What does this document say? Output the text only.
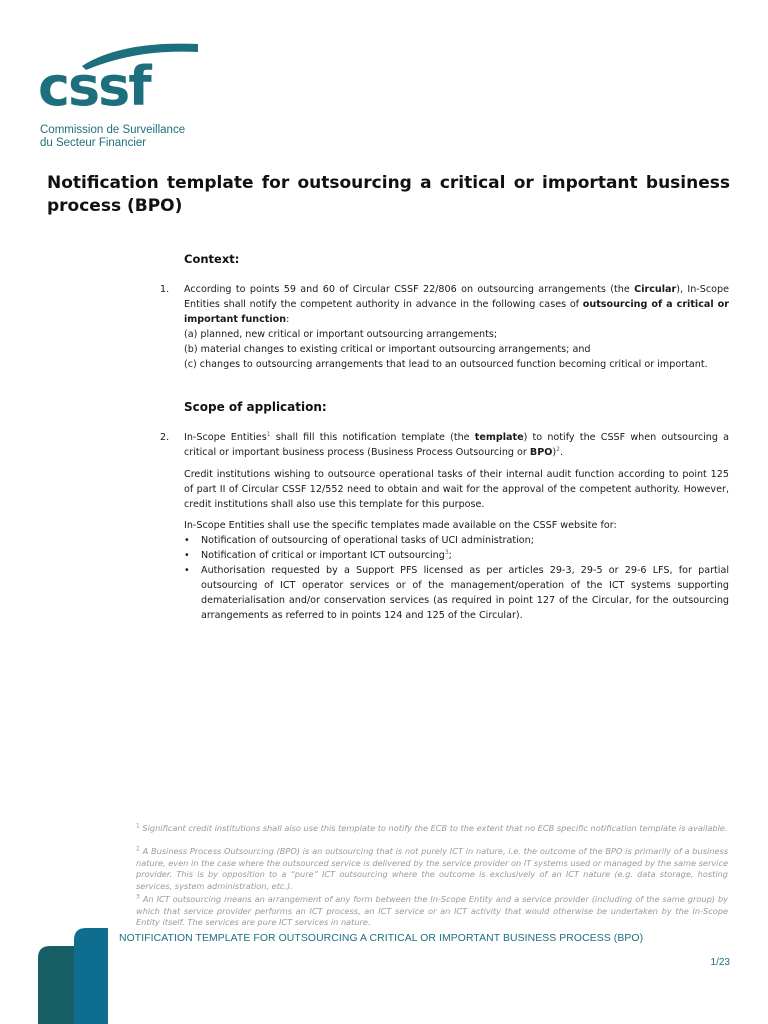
cssf
Commission de Surveillance
du Secteur Financier
Notification template for outsourcing a critical or important business process (BPO)
Context:
1. According to points 59 and 60 of Circular CSSF 22/806 on outsourcing arrangements (the Circular), In-Scope Entities shall notify the competent authority in advance in the following cases of outsourcing of a critical or important function:
(a) planned, new critical or important outsourcing arrangements;
(b) material changes to existing critical or important outsourcing arrangements; and
(c) changes to outsourcing arrangements that lead to an outsourced function becoming critical or important.
Scope of application:
2. In-Scope Entities$^1$ shall fill this notification template (the template) to notify the CSSF when outsourcing a critical or important business process (Business Process Outsourcing or BPO)$^2$.
Credit institutions wishing to outsource operational tasks of their internal audit function according to point 125 of part II of Circular CSSF 12/552 need to obtain and wait for the approval of the competent authority. However, credit institutions shall also use this template for this purpose.
In-Scope Entities shall use the specific templates made available on the CSSF website for:
•	Notification of outsourcing of operational tasks of UCI administration;
•	Notification of critical or important ICT outsourcing$^3$;
•	Authorisation requested by a Support PFS licensed as per articles 29-3, 29-5 or 29-6 LFS, for partial outsourcing of ICT operator services or of the management/operation of the ICT systems supporting dematerialisation and/or conservation services (as required in point 127 of the Circular, for the outsourcing arrangements as referred to in points 124 and 125 of the Circular).
$^1$ Significant credit institutions shall also use this template to notify the ECB to the extent that no ECB specific notification template is available.
$^2$ A Business Process Outsourcing (BPO) is an outsourcing that is not purely ICT in nature, i.e. the outcome of the BPO is primarily of a business nature, even in the case where the outsourced service is delivered by the service provider on IT systems used or managed by the same service provider. This is by opposition to a “pure” ICT outsourcing where the outcome is exclusively of an ICT nature (e.g. data storage, hosting services, system administration, etc.).
$^3$ An ICT outsourcing means an arrangement of any form between the In-Scope Entity and a service provider (including of the same group) by which that service provider performs an ICT process, an ICT service or an ICT activity that would otherwise be undertaken by the In-Scope Entity itself. The services are pure ICT services in nature.
NOTIFICATION TEMPLATE FOR OUTSOURCING A CRITICAL OR IMPORTANT BUSINESS PROCESS (BPO)
1/23
